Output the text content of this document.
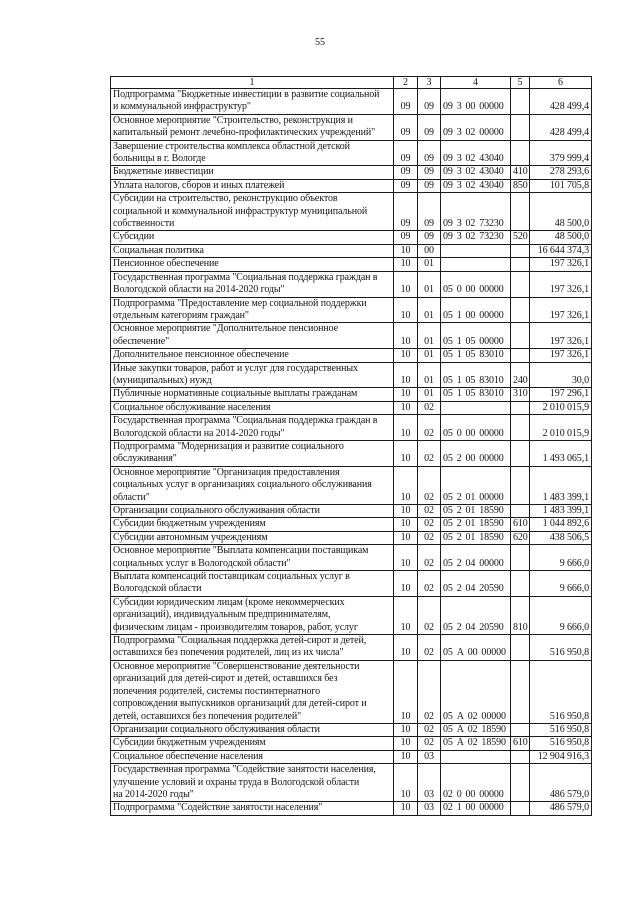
55
1	2	3	4	5	6

Подпрограмма "Бюджетные инвестиции в развитие социальной
и коммунальной инфраструктур"	09	09	09 3 00 00000		428 499,4

Основное мероприятие "Строительство, реконструкция и
капитальный ремонт лечебно-профилактических учреждений"	09	09	09 3 02 00000		428 499,4

Завершение строительства комплекса областной детской
больницы в г. Вологде	09	09	09 3 02 43040		379 999,4

Бюджетные инвестиции	09	09	09 3 02 43040	410	278 293,6

Уплата налогов, сборов и иных платежей	09	09	09 3 02 43040	850	101 705,8

Субсидии на строительство, реконструкцию объектов
социальной и коммунальной инфраструктур муниципальной
собственности	09	09	09 3 02 73230		48 500,0

Субсидии	09	09	09 3 02 73230	520	48 500,0

Социальная политика	10	00			16 644 374,3

Пенсионное обеспечение	10	01			197 326,1

Государственная программа "Социальная поддержка граждан в
Вологодской области на 2014-2020 годы"	10	01	05 0 00 00000		197 326,1

Подпрограмма "Предоставление мер социальной поддержки
отдельным категориям граждан"	10	01	05 1 00 00000		197 326,1

Основное мероприятие "Дополнительное пенсионное
обеспечение"	10	01	05 1 05 00000		197 326,1

Дополнительное пенсионное обеспечение	10	01	05 1 05 83010		197 326,1

Иные закупки товаров, работ и услуг для государственных
(муниципальных) нужд	10	01	05 1 05 83010	240	30,0

Публичные нормативные социальные выплаты гражданам	10	01	05 1 05 83010	310	197 296,1

Социальное обслуживание населения	10	02			2 010 015,9

Государственная программа "Социальная поддержка граждан в
Вологодской области на 2014-2020 годы"	10	02	05 0 00 00000		2 010 015,9

Подпрограмма "Модернизация и развитие социального
обслуживания"	10	02	05 2 00 00000		1 493 065,1

Основное мероприятие "Организация предоставления
социальных услуг в организациях социального обслуживания
области"	10	02	05 2 01 00000		1 483 399,1

Организации социального обслуживания области	10	02	05 2 01 18590		1 483 399,1

Субсидии бюджетным учреждениям	10	02	05 2 01 18590	610	1 044 892,6

Субсидии автономным учреждениям	10	02	05 2 01 18590	620	438 506,5

Основное мероприятие "Выплата компенсации поставщикам
социальных услуг в Вологодской области"	10	02	05 2 04 00000		9 666,0

Выплата компенсаций поставщикам социальных услуг в
Вологодской области	10	02	05 2 04 20590		9 666,0

Субсидии юридическим лицам (кроме некоммерческих
организаций), индивидуальным предпринимателям,
физическим лицам - производителям товаров, работ, услуг	10	02	05 2 04 20590	810	9 666,0

Подпрограмма "Социальная поддержка детей-сирот и детей,
оставшихся без попечения родителей, лиц из их числа"	10	02	05 А 00 00000		516 950,8

Основное мероприятие "Совершенствование деятельности
организаций для детей-сирот и детей, оставшихся без
попечения родителей, системы постинтернатного
сопровождения выпускников организаций для детей-сирот и
детей, оставшихся без попечения родителей"	10	02	05 А 02 00000		516 950,8

Организации социального обслуживания области	10	02	05 А 02 18590		516 950,8

Субсидии бюджетным учреждениям	10	02	05 А 02 18590	610	516 950,8

Социальное обеспечение населения	10	03			12 904 916,3

Государственная программа "Содействие занятости населения,
улучшение условий и охраны труда в Вологодской области
на 2014-2020 годы"	10	03	02 0 00 00000		486 579,0

Подпрограмма "Содействие занятости населения"	10	03	02 1 00 00000		486 579,0
